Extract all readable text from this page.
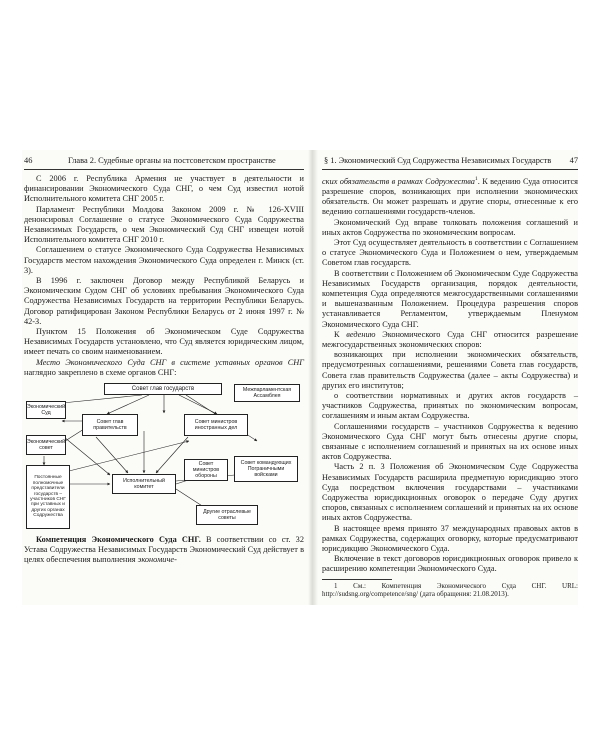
46	Глава 2. Судебные органы на постсоветском пространстве

С 2006 г. Республика Армения не участвует в деятельности и финансировании Экономического Суда СНГ, о чем Суд известил нотой Исполнительного комитета СНГ 2005 г.

Парламент Республики Молдова Законом 2009 г. № 126-XVIII денонсировал Соглашение о статусе Экономического Суда Содружества Независимых Государств, о чем Экономический Суд СНГ извещен нотой Исполнительного комитета СНГ 2010 г.

Соглашением о статусе Экономического Суда Содружества Независимых Государств местом нахождения Экономического Суда определен г. Минск (ст. 3).

В 1996 г. заключен Договор между Республикой Беларусь и Экономическим Судом СНГ об условиях пребывания Экономического Суда Содружества Независимых Государств на территории Республики Беларусь. Договор ратифицирован Законом Республики Беларусь от 2 июня 1997 г. № 42-З.

Пунктом 15 Положения об Экономическом Суде Содружества Независимых Государств установлено, что Суд является юридическим лицом, имеет печать со своим наименованием.

Место Экономического Суда СНГ в системе уставных органов СНГ наглядно закреплено в схеме органов СНГ:

Совет глав государств	Межпарламентская Ассамблея
Экономический Суд
Совет глав правительств
Совет министров иностранных дел
Экономический совет
Постоянные полномочные представители государств – участников СНГ при уставных и других органах Содружества
Исполнительный комитет
Совет министров обороны
Совет командующих Пограничными войсками
Другие отраслевые советы

Компетенция Экономического Суда СНГ. В соответствии со ст. 32 Устава Содружества Независимых Государств Экономический Суд действует в целях обеспечения выполнения экономиче-

§ 1. Экономический Суд Содружества Независимых Государств 47

ских обязательств в рамках Содружества$^1$. К ведению Суда относится разрешение споров, возникающих при исполнении экономических обязательств. Он может разрешать и другие споры, отнесенные к его ведению соглашениями государств-членов.

Экономический Суд вправе толковать положения соглашений и иных актов Содружества по экономическим вопросам.

Этот Суд осуществляет деятельность в соответствии с Соглашением о статусе Экономического Суда и Положением о нем, утверждаемым Советом глав государств.

В соответствии с Положением об Экономическом Суде Содружества Независимых Государств организация, порядок деятельности, компетенция Суда определяются межгосударственными соглашениями и вышеназванным Положением. Процедура разрешения споров устанавливается Регламентом, утверждаемым Пленумом Экономического Суда СНГ.

К ведению Экономического Суда СНГ относится разрешение межгосударственных экономических споров:

возникающих при исполнении экономических обязательств, предусмотренных соглашениями, решениями Совета глав государств, Совета глав правительств Содружества (далее – акты Содружества) и других его институтов;

о соответствии нормативных и других актов государств – участников Содружества, принятых по экономическим вопросам, соглашениям и иным актам Содружества.

Соглашениями государств – участников Содружества к ведению Экономического Суда СНГ могут быть отнесены другие споры, связанные с исполнением соглашений и принятых на их основе иных актов Содружества.

Часть 2 п. 3 Положения об Экономическом Суде Содружества Независимых Государств расширила предметную юрисдикцию этого Суда посредством включения государствами – участниками Содружества юрисдикционных оговорок о передаче Суду других споров, связанных с исполнением соглашений и принятых на их основе иных актов Содружества.

В настоящее время принято 37 международных правовых актов в рамках Содружества, содержащих оговорку, которые предусматривают юрисдикцию Экономического Суда.

Включение в текст договоров юрисдикционных оговорок привело к расширению компетенции Экономического Суда.

1 См.: Компетенция Экономического Суда СНГ. URL: http://sudsng.org/competence/sng/ (дата обращения: 21.08.2013).
